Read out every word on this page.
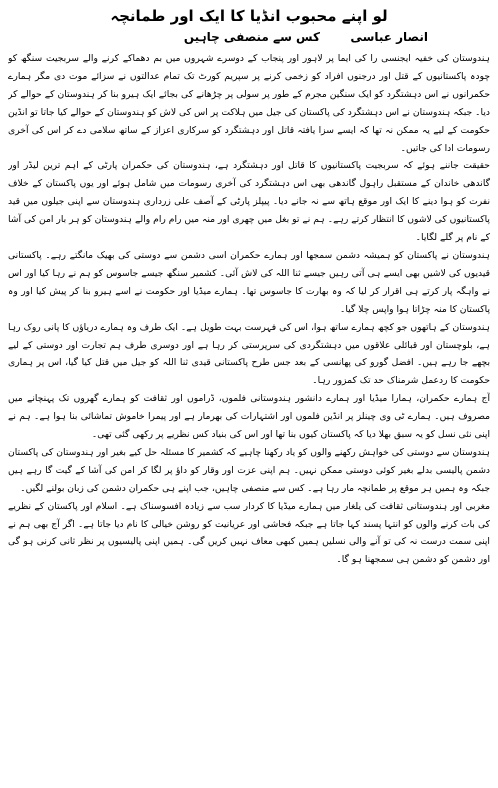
لو اپنے محبوب انڈیا کا ایک اور طمانچہ
کس سے منصفی چاہیں	انصار عباسی

ہندوستان کی خفیہ ایجنسی را کی ایما پر لاہور اور پنجاب کے دوسرے شہروں میں بم دھماکے کرنے والے سربجیت سنگھ کو چودہ پاکستانیوں کے قتل اور درجنوں افراد کو زخمی کرنے پر سپریم کورٹ تک تمام عدالتوں نے سزائے موت دی مگر ہمارے حکمرانوں نے اس دہشتگرد کو ایک سنگین مجرم کے طور پر سولی پر چڑھانے کی بجائے ایک ہیرو بنا کر ہندوستان کے حوالے کر دیا۔ جبکہ ہندوستان نے اس دہشتگرد کی پاکستان کی جیل میں ہلاکت پر اس کی لاش کو ہندوستان کے حوالے کیا جاتا تو انڈین حکومت کے لیے یہ ممکن نہ تھا کہ ایسے سزا یافتہ قاتل اور دہشتگرد کو سرکاری اعزاز کے ساتھ سلامی دے کر اس کی آخری رسومات ادا کی جاتیں۔

حقیقت جاننے ہوئے کہ سربجیت پاکستانیوں کا قاتل اور دہشتگرد ہے، ہندوستان کی حکمران پارٹی کے اہم ترین لیڈر اور گاندھی خاندان کے مستقبل راہول گاندھی بھی اس دہشتگرد کی آخری رسومات میں شامل ہوئے اور یوں پاکستان کے خلاف نفرت کو ہوا دینے کا ایک اور موقع ہاتھ سے نہ جانے دیا۔ پیپلز پارٹی کے آصف علی زرداری ہندوستان سے اپنی جیلوں میں قید پاکستانیوں کی لاشوں کا انتظار کرتے رہے۔ ہم نے تو بغل میں چھری اور منہ میں رام رام والے ہندوستان کو ہر بار امن کی آشا کے نام پر گلے لگایا۔

ہندوستان نے پاکستان کو ہمیشہ دشمن سمجھا اور ہمارے حکمران اسی دشمن سے دوستی کی بھیک مانگتے رہے۔ پاکستانی قیدیوں کی لاشیں بھی ایسے ہی آتی رہیں جیسے ثنا اللہ کی لاش آئی۔ کشمیر سنگھ جیسے جاسوس کو ہم نے رہا کیا اور اس نے واہگہ پار کرتے ہی اقرار کر لیا کہ وہ بھارت کا جاسوس تھا۔ ہمارے میڈیا اور حکومت نے اسے ہیرو بنا کر پیش کیا اور وہ پاکستان کا منہ چڑاتا ہوا واپس چلا گیا۔

ہندوستان کے ہاتھوں جو کچھ ہمارے ساتھ ہوا، اس کی فہرست بہت طویل ہے۔ ایک طرف وہ ہمارے دریاؤں کا پانی روک رہا ہے، بلوچستان اور قبائلی علاقوں میں دہشتگردی کی سرپرستی کر رہا ہے اور دوسری طرف ہم تجارت اور دوستی کے لیے بچھے جا رہے ہیں۔ افضل گورو کی پھانسی کے بعد جس طرح پاکستانی قیدی ثنا اللہ کو جیل میں قتل کیا گیا، اس پر ہماری حکومت کا ردعمل شرمناک حد تک کمزور رہا۔

آج ہمارے حکمران، ہمارا میڈیا اور ہمارے دانشور ہندوستانی فلموں، ڈراموں اور ثقافت کو ہمارے گھروں تک پہنچانے میں مصروف ہیں۔ ہمارے ٹی وی چینلز پر انڈین فلموں اور اشتہارات کی بھرمار ہے اور پیمرا خاموش تماشائی بنا ہوا ہے۔ ہم نے اپنی نئی نسل کو یہ سبق بھلا دیا کہ پاکستان کیوں بنا تھا اور اس کی بنیاد کس نظریے پر رکھی گئی تھی۔

ہندوستان سے دوستی کی خواہش رکھنے والوں کو یاد رکھنا چاہیے کہ کشمیر کا مسئلہ حل کیے بغیر اور ہندوستان کی پاکستان دشمن پالیسی بدلے بغیر کوئی دوستی ممکن نہیں۔ ہم اپنی عزت اور وقار کو داؤ پر لگا کر امن کی آشا کے گیت گا رہے ہیں جبکہ وہ ہمیں ہر موقع پر طمانچہ مار رہا ہے۔ کس سے منصفی چاہیں، جب اپنے ہی حکمران دشمن کی زبان بولنے لگیں۔

مغربی اور ہندوستانی ثقافت کی یلغار میں ہمارے میڈیا کا کردار سب سے زیادہ افسوسناک ہے۔ اسلام اور پاکستان کے نظریے کی بات کرنے والوں کو انتہا پسند کہا جاتا ہے جبکہ فحاشی اور عریانیت کو روشن خیالی کا نام دیا جاتا ہے۔ اگر آج بھی ہم نے اپنی سمت درست نہ کی تو آنے والی نسلیں ہمیں کبھی معاف نہیں کریں گی۔ ہمیں اپنی پالیسیوں پر نظر ثانی کرنی ہو گی اور دشمن کو دشمن ہی سمجھنا ہو گا۔
